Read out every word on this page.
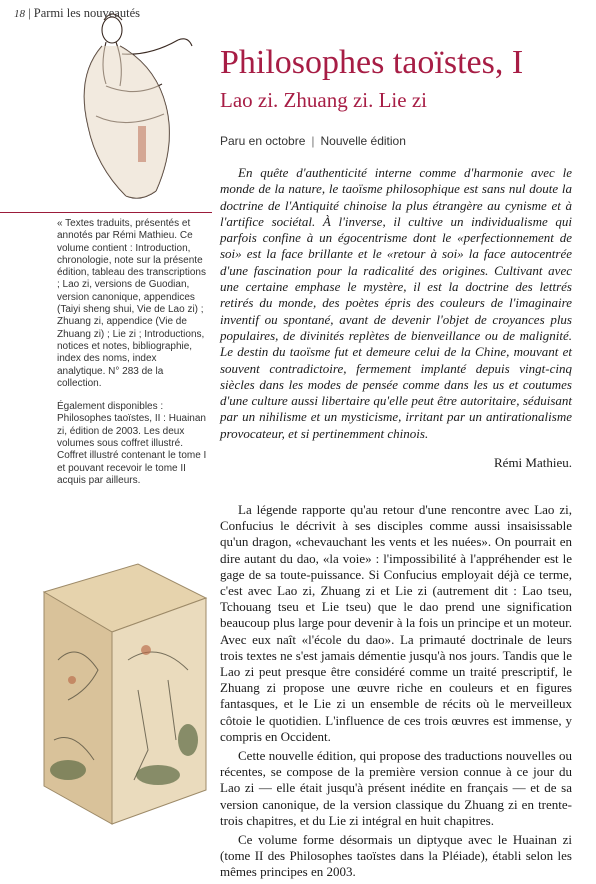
18 | Parmi les nouveautés
Philosophes taoïstes, I
Lao zi. Zhuang zi. Lie zi
Paru en octobre | Nouvelle édition

En quête d'authenticité interne comme d'harmonie avec le monde de la nature, le taoïsme philosophique est sans nul doute la doctrine de l'Antiquité chinoise la plus étrangère au cynisme et à l'artifice sociétal. À l'inverse, il cultive un individualisme qui parfois confine à un égocentrisme dont le «perfectionnement de soi» est la face brillante et le «retour à soi» la face autocentrée d'une fascination pour la radicalité des origines. Cultivant avec une certaine emphase le mystère, il est la doctrine des lettrés retirés du monde, des poètes épris des couleurs de l'imaginaire inventif ou spontané, avant de devenir l'objet de croyances plus populaires, de divinités replètes de bienveillance ou de malignité. Le destin du taoïsme fut et demeure celui de la Chine, mouvant et souvent contradictoire, fermement implanté depuis vingt-cinq siècles dans les modes de pensée comme dans les us et coutumes d'une culture aussi libertaire qu'elle peut être autoritaire, séduisant par un nihilisme et un mysticisme, irritant par un antirationalisme provocateur, et si pertinemment chinois.

Rémi Mathieu.

« Textes traduits, présentés et annotés par Rémi Mathieu. Ce volume contient : Introduction, chronologie, note sur la présente édition, tableau des transcriptions ; Lao zi, versions de Guodian, version canonique, appendices (Taiyi sheng shui, Vie de Lao zi) ; Zhuang zi, appendice (Vie de Zhuang zi) ; Lie zi ; Introductions, notices et notes, bibliographie, index des noms, index analytique. N° 283 de la collection.

Également disponibles : Philosophes taoïstes, II : Huainan zi, édition de 2003. Les deux volumes sous coffret illustré. Coffret illustré contenant le tome I et pouvant recevoir le tome II acquis par ailleurs.

La légende rapporte qu'au retour d'une rencontre avec Lao zi, Confucius le décrivit à ses disciples comme aussi insaisissable qu'un dragon, «chevauchant les vents et les nuées». On pourrait en dire autant du dao, «la voie» : l'impossibilité à l'appréhender est le gage de sa toute-puissance. Si Confucius employait déjà ce terme, c'est avec Lao zi, Zhuang zi et Lie zi (autrement dit : Lao tseu, Tchouang tseu et Lie tseu) que le dao prend une signification beaucoup plus large pour devenir à la fois un principe et un moteur. Avec eux naît «l'école du dao». La primauté doctrinale de leurs trois textes ne s'est jamais démentie jusqu'à nos jours. Tandis que le Lao zi peut presque être considéré comme un traité prescriptif, le Zhuang zi propose une œuvre riche en couleurs et en figures fantasques, et le Lie zi un ensemble de récits où le merveilleux côtoie le quotidien. L'influence de ces trois œuvres est immense, y compris en Occident.

Cette nouvelle édition, qui propose des traductions nouvelles ou récentes, se compose de la première version connue à ce jour du Lao zi — elle était jusqu'à présent inédite en français — et de sa version canonique, de la version classique du Zhuang zi en trente-trois chapitres, et du Lie zi intégral en huit chapitres.

Ce volume forme désormais un diptyque avec le Huainan zi (tome II des Philosophes taoïstes dans la Pléiade), établi selon les mêmes principes en 2003.
